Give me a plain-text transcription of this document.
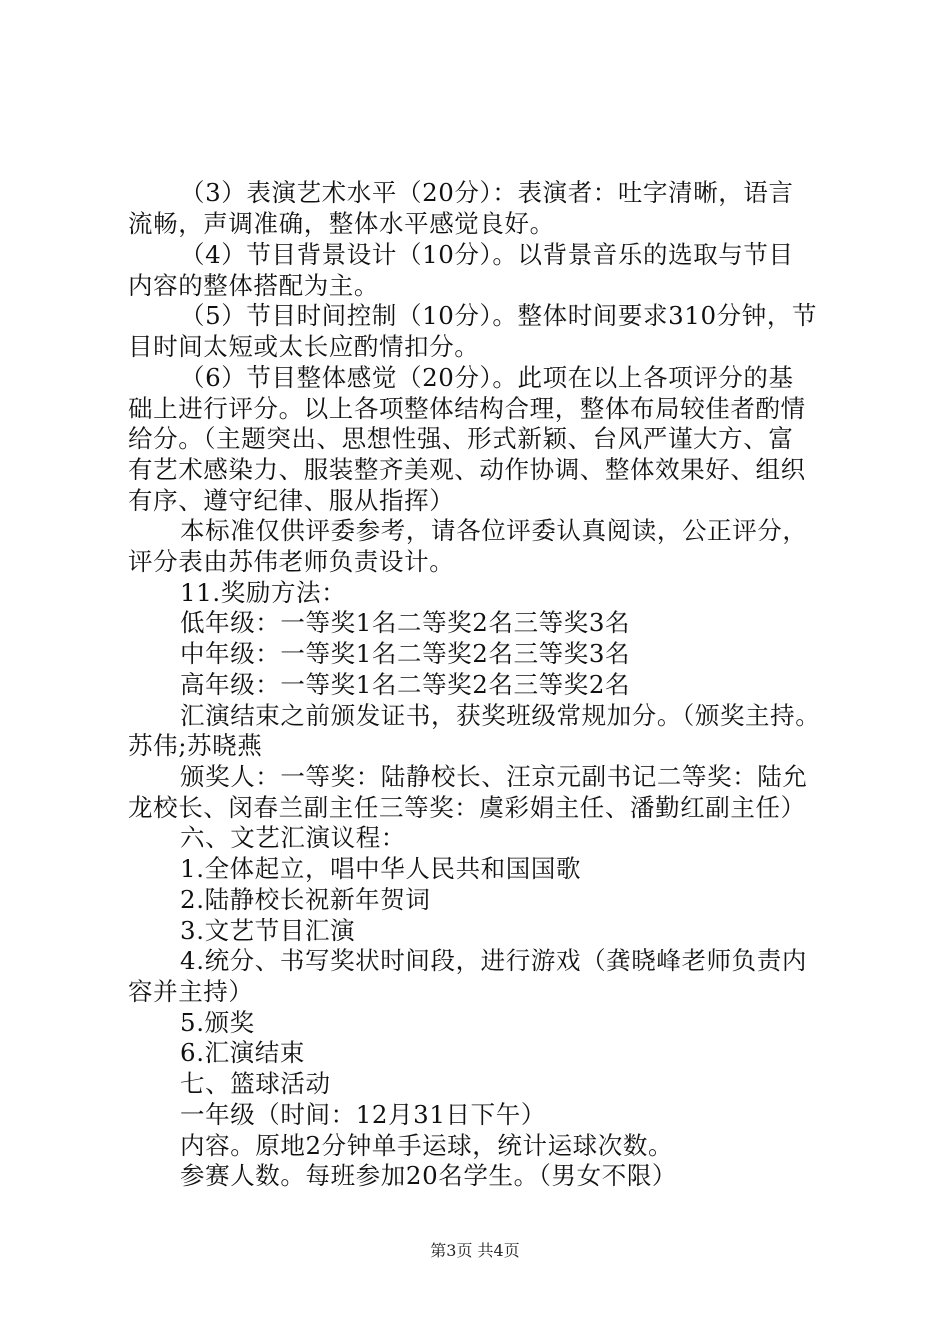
（3）表演艺术水平（20分）：表演者：吐字清晰，语言
流畅，声调准确，整体水平感觉良好。
（4）节目背景设计（10分）。以背景音乐的选取与节目
内容的整体搭配为主。
（5）节目时间控制（10分）。整体时间要求310分钟，节
目时间太短或太长应酌情扣分。
（6）节目整体感觉（20分）。此项在以上各项评分的基
础上进行评分。以上各项整体结构合理，整体布局较佳者酌情
给分。（主题突出、思想性强、形式新颖、台风严谨大方、富
有艺术感染力、服装整齐美观、动作协调、整体效果好、组织
有序、遵守纪律、服从指挥）
本标准仅供评委参考，请各位评委认真阅读，公正评分，
评分表由苏伟老师负责设计。
11.奖励方法：
低年级：一等奖1名二等奖2名三等奖3名
中年级：一等奖1名二等奖2名三等奖3名
高年级：一等奖1名二等奖2名三等奖2名
汇演结束之前颁发证书，获奖班级常规加分。（颁奖主持。
苏伟;苏晓燕
颁奖人：一等奖：陆静校长、汪京元副书记二等奖：陆允
龙校长、闵春兰副主任三等奖：虞彩娟主任、潘勤红副主任）
六、文艺汇演议程：
1.全体起立，唱中华人民共和国国歌
2.陆静校长祝新年贺词
3.文艺节目汇演
4.统分、书写奖状时间段，进行游戏（龚晓峰老师负责内
容并主持）
5.颁奖
6.汇演结束
七、篮球活动
一年级（时间：12月31日下午）
内容。原地2分钟单手运球，统计运球次数。
参赛人数。每班参加20名学生。（男女不限）
第3页 共4页
